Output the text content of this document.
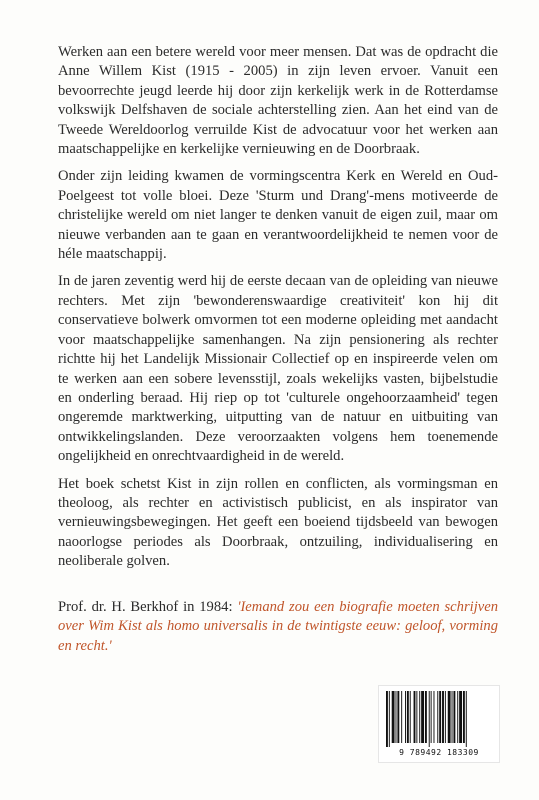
Werken aan een betere wereld voor meer mensen. Dat was de opdracht die Anne Willem Kist (1915 - 2005) in zijn leven ervoer. Vanuit een bevoorrechte jeugd leerde hij door zijn kerkelijk werk in de Rotterdamse volkswijk Delfshaven de sociale achterstelling zien. Aan het eind van de Tweede Wereldoorlog verruilde Kist de advocatuur voor het werken aan maatschappelijke en kerkelijke vernieuwing en de Doorbraak.

Onder zijn leiding kwamen de vormingscentra Kerk en Wereld en Oud-Poelgeest tot volle bloei. Deze 'Sturm und Drang'-mens motiveerde de christelijke wereld om niet langer te denken vanuit de eigen zuil, maar om nieuwe verbanden aan te gaan en verantwoordelijkheid te nemen voor de héle maatschappij.

In de jaren zeventig werd hij de eerste decaan van de opleiding van nieuwe rechters. Met zijn 'bewonderenswaardige creativiteit' kon hij dit conservatieve bolwerk omvormen tot een moderne opleiding met aandacht voor maatschappelijke samenhangen. Na zijn pensionering als rechter richtte hij het Landelijk Missionair Collectief op en inspireerde velen om te werken aan een sobere levensstijl, zoals wekelijks vasten, bijbelstudie en onderling beraad. Hij riep op tot 'culturele ongehoorzaamheid' tegen ongeremde marktwerking, uitputting van de natuur en uitbuiting van ontwikkelingslanden. Deze veroorzaakten volgens hem toenemende ongelijkheid en onrechtvaardigheid in de wereld.

Het boek schetst Kist in zijn rollen en conflicten, als vormingsman en theoloog, als rechter en activistisch publicist, en als inspirator van vernieuwingsbewegingen. Het geeft een boeiend tijdsbeeld van bewogen naoorlogse periodes als Doorbraak, ontzuiling, individualisering en neoliberale golven.

Prof. dr. H. Berkhof in 1984: 'Iemand zou een biografie moeten schrijven over Wim Kist als homo universalis in de twintigste eeuw: geloof, vorming en recht.'

9 789492 183309
